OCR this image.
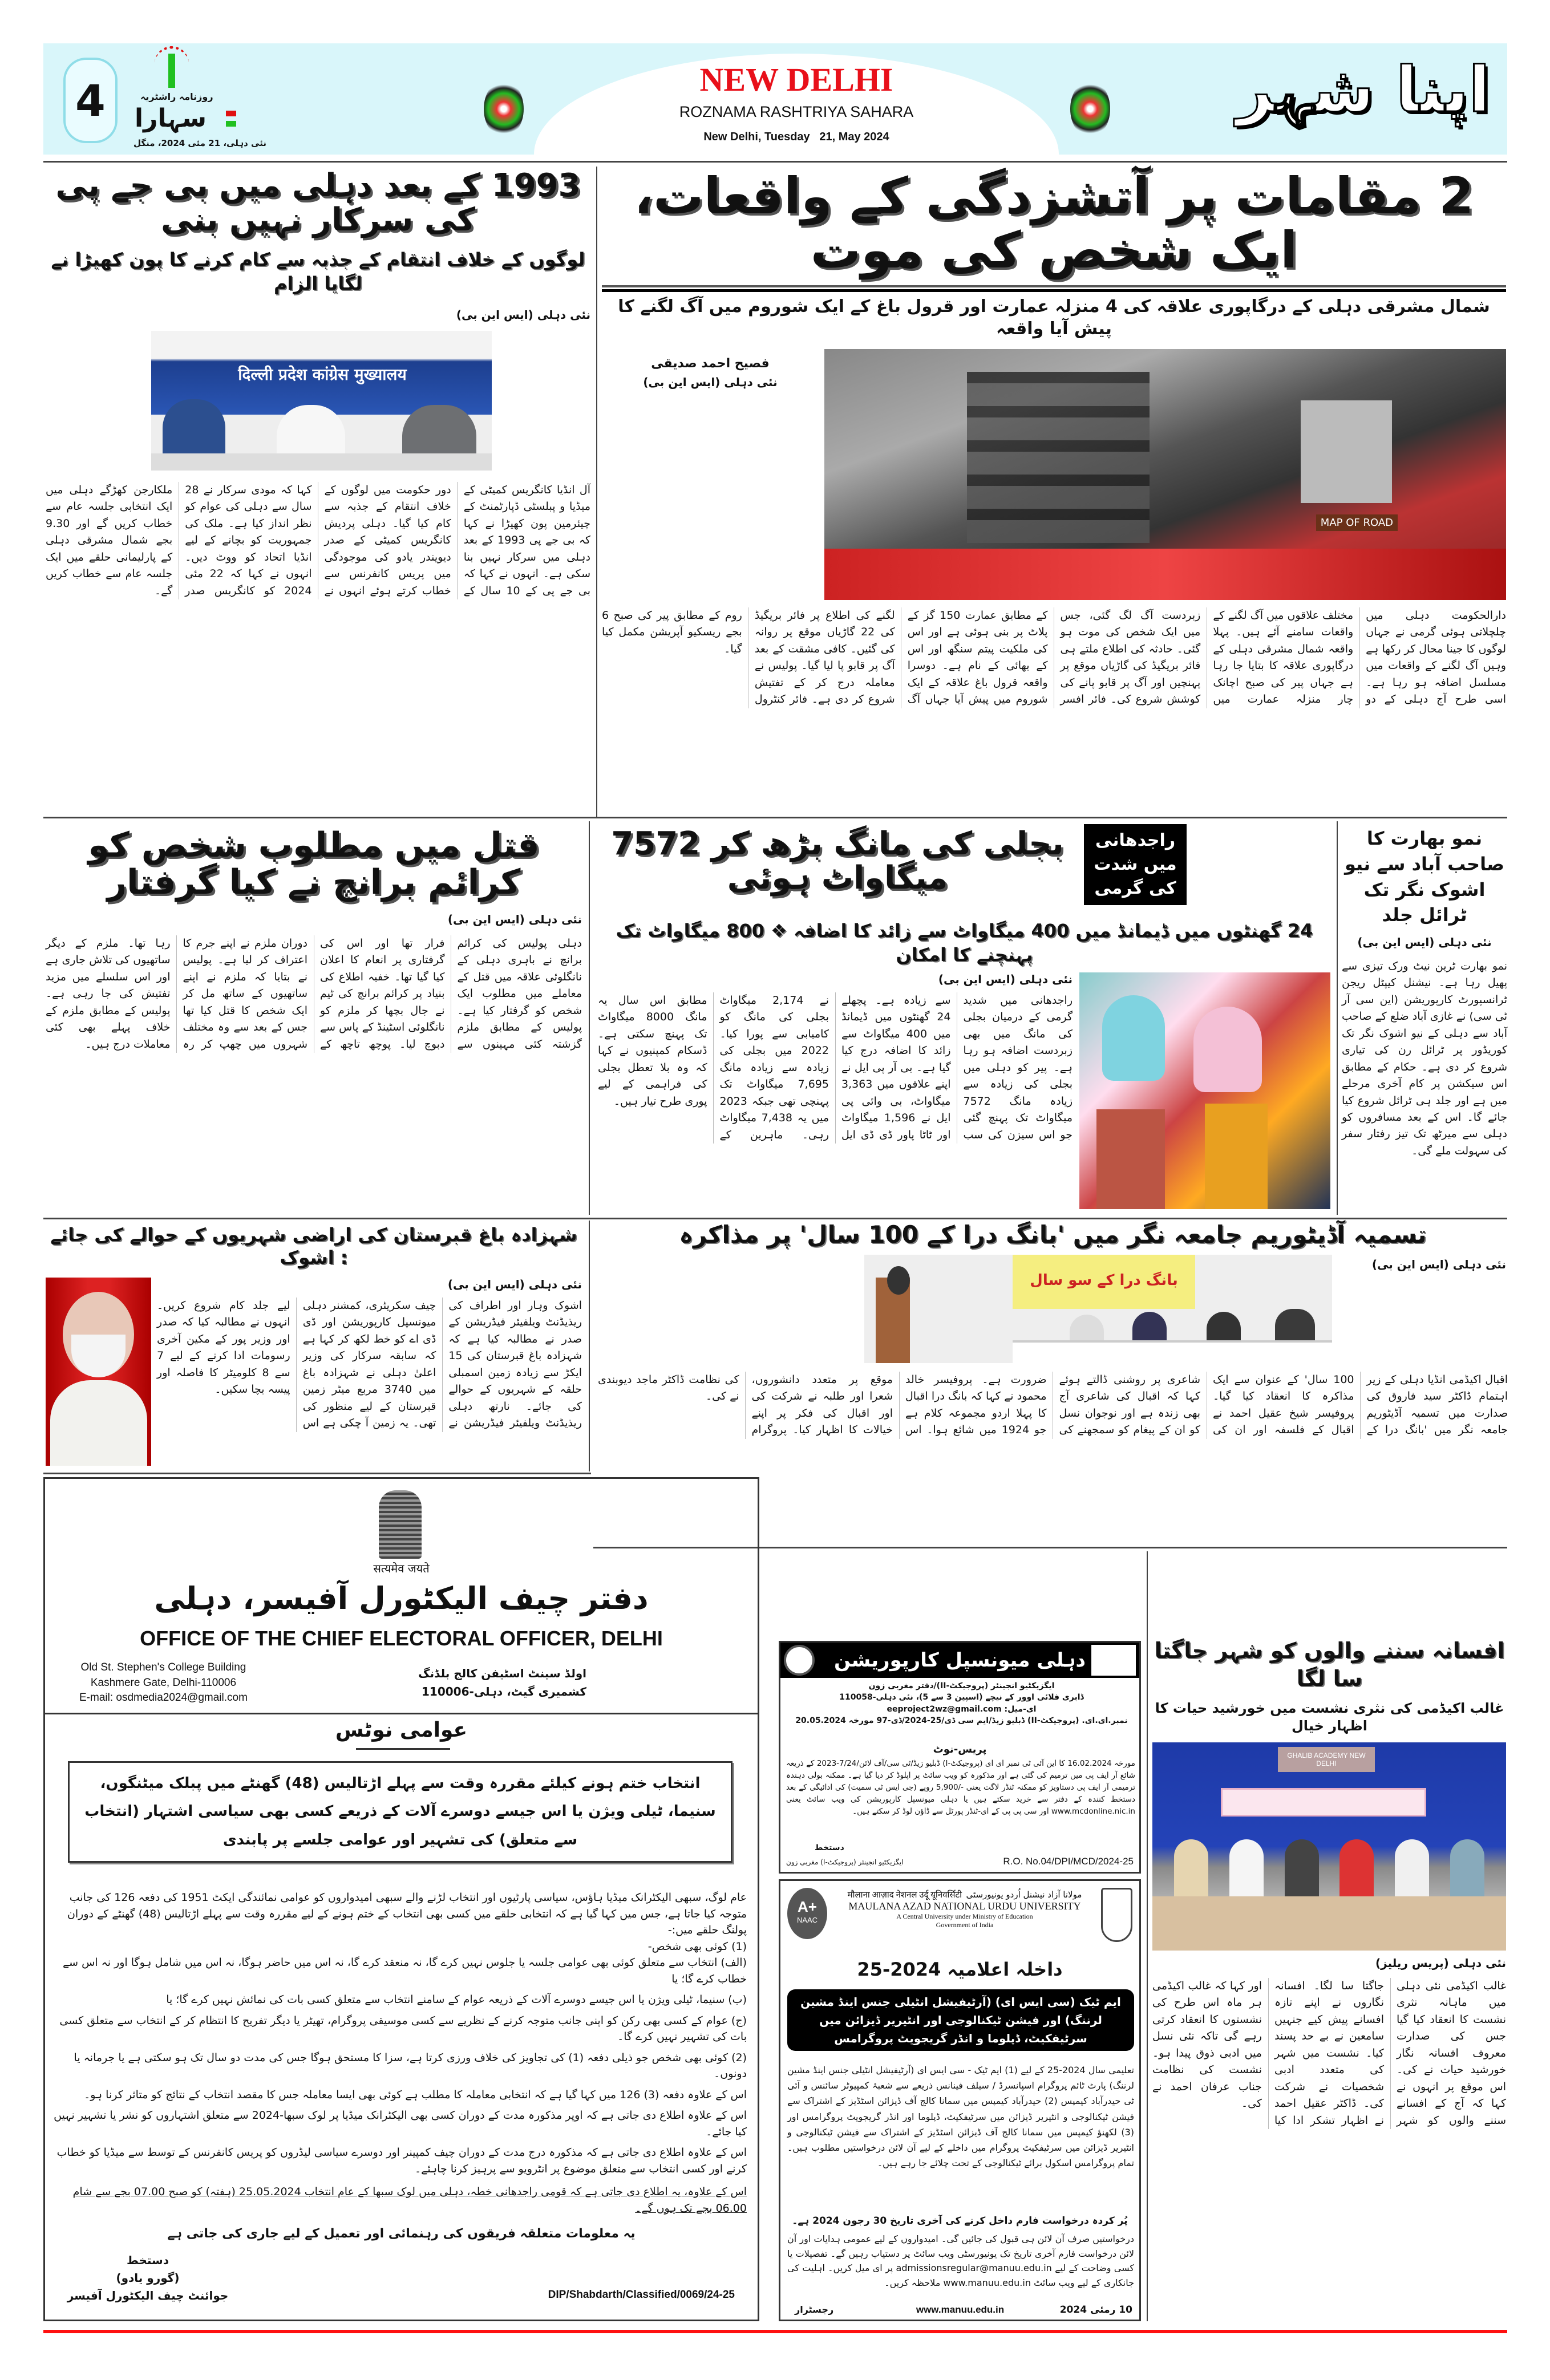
4	روزنامہ راشٹریہ
سہارا
نئی دہلی، 21 مئی 2024، منگل
NEW DELHI
ROZNAMA RASHTRIYA SAHARA
New Delhi, Tuesday   21, May 2024
اپنا شہر
2 مقامات پر آتشزدگی کے واقعات، ایک شخص کی موت
شمال مشرقی دہلی کے درگاپوری علاقہ کی 4 منزلہ عمارت اور قرول باغ کے ایک شوروم میں آگ لگنے کا پیش آیا واقعہ
فصیح احمد صدیقی
نئی دہلی (ایس این بی)
MAP OF ROAD
دارالحکومت دہلی میں چلچلاتی ہوئی گرمی نے جہاں لوگوں کا جینا محال کر رکھا ہے وہیں آگ لگنے کے واقعات میں مسلسل اضافہ ہو رہا ہے۔ اسی طرح آج دہلی کے دو مختلف علاقوں میں آگ لگنے کے واقعات سامنے آئے ہیں۔ پہلا واقعہ شمال مشرقی دہلی کے درگاپوری علاقہ کا بتایا جا رہا ہے جہاں پیر کی صبح اچانک چار منزلہ عمارت میں زبردست آگ لگ گئی، جس میں ایک شخص کی موت ہو گئی۔ حادثہ کی اطلاع ملتے ہی فائر بریگیڈ کی گاڑیاں موقع پر پہنچیں اور آگ پر قابو پانے کی کوشش شروع کی۔ فائر افسر کے مطابق عمارت 150 گز کے پلاٹ پر بنی ہوئی ہے اور اس کی ملکیت پیتم سنگھ اور اس کے بھائی کے نام ہے۔ دوسرا واقعہ قرول باغ علاقہ کے ایک شوروم میں پیش آیا جہاں آگ لگنے کی اطلاع پر فائر بریگیڈ کی 22 گاڑیاں موقع پر روانہ کی گئیں۔ کافی مشقت کے بعد آگ پر قابو پا لیا گیا۔ پولیس نے معاملہ درج کر کے تفتیش شروع کر دی ہے۔ فائر کنٹرول روم کے مطابق پیر کی صبح 6 بجے ریسکیو آپریشن مکمل کیا گیا۔
1993 کے بعد دہلی میں بی جے پی کی سرکار نہیں بنی
لوگوں کے خلاف انتقام کے جذبہ سے کام کرنے کا پون کھیڑا نے لگایا الزام
نئی دہلی (ایس این بی)
दिल्ली प्रदेश कांग्रेस मुख्यालय
آل انڈیا کانگریس کمیٹی کے میڈیا و پبلسٹی ڈپارٹمنٹ کے چیئرمین پون کھیڑا نے کہا کہ بی جے پی 1993 کے بعد دہلی میں سرکار نہیں بنا سکی ہے۔ انہوں نے کہا کہ بی جے پی کے 10 سال کے دور حکومت میں لوگوں کے خلاف انتقام کے جذبہ سے کام کیا گیا۔ دہلی پردیش کانگریس کمیٹی کے صدر دیویندر یادو کی موجودگی میں پریس کانفرنس سے خطاب کرتے ہوئے انہوں نے کہا کہ مودی سرکار نے 28 سال سے دہلی کی عوام کو نظر انداز کیا ہے۔ ملک کی جمہوریت کو بچانے کے لیے انڈیا اتحاد کو ووٹ دیں۔ انہوں نے کہا کہ 22 مئی 2024 کو کانگریس صدر ملکارجن کھڑگے دہلی میں ایک انتخابی جلسہ عام سے خطاب کریں گے اور 9.30 بجے شمال مشرقی دہلی کے پارلیمانی حلقے میں ایک جلسہ عام سے خطاب کریں گے۔
قتل میں مطلوب شخص کو کرائم برانچ نے کیا گرفتار
نئی دہلی (ایس این بی)
دہلی پولیس کی کرائم برانچ نے باہری دہلی کے نانگلوئی علاقہ میں قتل کے معاملے میں مطلوب ایک شخص کو گرفتار کیا ہے۔ پولیس کے مطابق ملزم گزشتہ کئی مہینوں سے فرار تھا اور اس کی گرفتاری پر انعام کا اعلان کیا گیا تھا۔ خفیہ اطلاع کی بنیاد پر کرائم برانچ کی ٹیم نے جال بچھا کر ملزم کو نانگلوئی اسٹینڈ کے پاس سے دبوچ لیا۔ پوچھ تاچھ کے دوران ملزم نے اپنے جرم کا اعتراف کر لیا ہے۔ پولیس نے بتایا کہ ملزم نے اپنے ساتھیوں کے ساتھ مل کر ایک شخص کا قتل کیا تھا جس کے بعد سے وہ مختلف شہروں میں چھپ کر رہ رہا تھا۔ ملزم کے دیگر ساتھیوں کی تلاش جاری ہے اور اس سلسلے میں مزید تفتیش کی جا رہی ہے۔ پولیس کے مطابق ملزم کے خلاف پہلے بھی کئی معاملات درج ہیں۔
بجلی کی مانگ بڑھ کر 7572 میگاواٹ ہوئی
راجدھانی میں شدت کی گرمی
24 گھنٹوں میں ڈیمانڈ میں 400 میگاواٹ سے زائد کا اضافہ ❖ 800 میگاواٹ تک پہنچنے کا امکان
نئی دہلی (ایس این بی)
راجدھانی میں شدید گرمی کے درمیان بجلی کی مانگ میں بھی زبردست اضافہ ہو رہا ہے۔ پیر کو دہلی میں بجلی کی زیادہ سے زیادہ مانگ 7572 میگاواٹ تک پہنچ گئی جو اس سیزن کی سب سے زیادہ ہے۔ پچھلے 24 گھنٹوں میں ڈیمانڈ میں 400 میگاواٹ سے زائد کا اضافہ درج کیا گیا ہے۔ بی آر پی ایل نے اپنے علاقوں میں 3,363 میگاواٹ، بی وائی پی ایل نے 1,596 میگاواٹ اور ٹاٹا پاور ڈی ڈی ایل نے 2,174 میگاواٹ بجلی کی مانگ کو کامیابی سے پورا کیا۔ 2022 میں بجلی کی زیادہ سے زیادہ مانگ 7,695 میگاواٹ تک پہنچی تھی جبکہ 2023 میں یہ 7,438 میگاواٹ رہی۔ ماہرین کے مطابق اس سال یہ مانگ 8000 میگاواٹ تک پہنچ سکتی ہے۔ ڈسکام کمپنیوں نے کہا کہ وہ بلا تعطل بجلی کی فراہمی کے لیے پوری طرح تیار ہیں۔
نمو بھارت کا صاحب آباد سے نیو اشوک نگر تک ٹرائل جلد
نئی دہلی (ایس این بی)
نمو بھارت ٹرین نیٹ ورک تیزی سے پھیل رہا ہے۔ نیشنل کیپٹل ریجن ٹرانسپورٹ کارپوریشن (این سی آر ٹی سی) نے غازی آباد ضلع کے صاحب آباد سے دہلی کے نیو اشوک نگر تک کوریڈور پر ٹرائل رن کی تیاری شروع کر دی ہے۔ حکام کے مطابق اس سیکشن پر کام آخری مرحلے میں ہے اور جلد ہی ٹرائل شروع کیا جائے گا۔ اس کے بعد مسافروں کو دہلی سے میرٹھ تک تیز رفتار سفر کی سہولت ملے گی۔
شہزادہ باغ قبرستان کی اراضی شہریوں کے حوالے کی جائے : اشوک
نئی دہلی (ایس این بی)
اشوک وہار اور اطراف کی ریذیڈنٹ ویلفیئر فیڈریشن کے صدر نے مطالبہ کیا ہے کہ شہزادہ باغ قبرستان کی 15 ایکڑ سے زیادہ زمین اسمبلی حلقہ کے شہریوں کے حوالے کی جائے۔ نارتھ دہلی ریذیڈنٹ ویلفیئر فیڈریشن نے چیف سکریٹری، کمشنر دہلی میونسپل کارپوریشن اور ڈی ڈی اے کو خط لکھ کر کہا ہے کہ سابقہ سرکار کی وزیر اعلیٰ دہلی نے شہزادہ باغ میں 3740 مربع میٹر زمین قبرستان کے لیے منظور کی تھی۔ یہ زمین آ چکی ہے اس لیے جلد کام شروع کریں۔ انہوں نے مطالبہ کیا کہ صدر اور وزیر پور کے مکین آخری رسومات ادا کرنے کے لیے 7 سے 8 کلومیٹر کا فاصلہ اور پیسہ بچا سکیں۔
تسمیہ آڈیٹوریم جامعہ نگر میں 'بانگ درا کے 100 سال' پر مذاکرہ
نئی دہلی (ایس این بی)
بانگ درا کے سو سال
اقبال اکیڈمی انڈیا دہلی کے زیر اہتمام ڈاکٹر سید فاروق کی صدارت میں تسمیہ آڈیٹوریم جامعہ نگر میں 'بانگ درا کے 100 سال' کے عنوان سے ایک مذاکرہ کا انعقاد کیا گیا۔ پروفیسر شیخ عقیل احمد نے اقبال کے فلسفہ اور ان کی شاعری پر روشنی ڈالتے ہوئے کہا کہ اقبال کی شاعری آج بھی زندہ ہے اور نوجوان نسل کو ان کے پیغام کو سمجھنے کی ضرورت ہے۔ پروفیسر خالد محمود نے کہا کہ بانگ درا اقبال کا پہلا اردو مجموعہ کلام ہے جو 1924 میں شائع ہوا۔ اس موقع پر متعدد دانشوروں، شعرا اور طلبہ نے شرکت کی اور اقبال کی فکر پر اپنے خیالات کا اظہار کیا۔ پروگرام کی نظامت ڈاکٹر ماجد دیوبندی نے کی۔
सत्यमेव जयते
دفتر چیف الیکٹورل آفیسر، دہلی
OFFICE OF THE CHIEF ELECTORAL OFFICER, DELHI
Old St. Stephen's College Building
Kashmere Gate, Delhi-110006
E-mail: osdmedia2024@gmail.com
اولڈ سینٹ اسٹیفن کالج بلڈنگ
کشمیری گیٹ، دہلی-110006
عوامی نوٹس
انتخاب ختم ہونے کیلئے مقررہ وقت سے پہلے اڑتالیس (48) گھنٹے میں پبلک میٹنگوں، سنیما، ٹیلی ویژن یا اس جیسے دوسرے آلات کے ذریعے کسی بھی سیاسی اشتہار (انتخاب سے متعلق) کی تشہیر اور عوامی جلسے پر پابندی

عام لوگ، سبھی الیکٹرانک میڈیا ہاؤس، سیاسی پارٹیوں اور انتخاب لڑنے والے سبھی امیدواروں کو عوامی نمائندگی ایکٹ 1951 کی دفعہ 126 کی جانب متوجہ کیا جاتا ہے، جس میں کہا گیا ہے کہ انتخابی حلقے میں کسی بھی انتخاب کے ختم ہونے کے لیے مقررہ وقت سے پہلے اڑتالیس (48) گھنٹے کے دوران پولنگ حلقے میں:-

(1) کوئی بھی شخص-

(الف) انتخاب سے متعلق کوئی بھی عوامی جلسہ یا جلوس نہیں کرے گا، نہ منعقد کرے گا، نہ اس میں حاضر ہوگا، نہ اس میں شامل ہوگا اور نہ اس سے خطاب کرے گا؛ یا

(ب) سنیما، ٹیلی ویژن یا اس جیسے دوسرے آلات کے ذریعہ عوام کے سامنے انتخاب سے متعلق کسی بات کی نمائش نہیں کرے گا؛ یا

(ج) عوام کے کسی بھی رکن کو اپنی جانب متوجہ کرنے کے نظریے سے کسی موسیقی پروگرام، تھیٹر یا دیگر تفریح کا انتظام کر کے انتخاب سے متعلق کسی بات کی تشہیر نہیں کرے گا۔

(2) کوئی بھی شخص جو ذیلی دفعہ (1) کی تجاویز کی خلاف ورزی کرتا ہے، سزا کا مستحق ہوگا جس کی مدت دو سال تک ہو سکتی ہے یا جرمانہ یا دونوں۔

اس کے علاوہ دفعہ (3) 126 میں کہا گیا ہے کہ انتخابی معاملہ کا مطلب ہے کوئی بھی ایسا معاملہ جس کا مقصد انتخاب کے نتائج کو متاثر کرنا ہو۔

اس کے علاوہ اطلاع دی جاتی ہے کہ اوپر مذکورہ مدت کے دوران کسی بھی الیکٹرانک میڈیا پر لوک سبھا-2024 سے متعلق اشتہاروں کو نشر یا تشہیر نہیں کیا جائے۔

اس کے علاوہ اطلاع دی جاتی ہے کہ مذکورہ درج مدت کے دوران چیف کمپینر اور دوسرے سیاسی لیڈروں کو پریس کانفرنس کے توسط سے میڈیا کو خطاب کرنے اور کسی انتخاب سے متعلق موضوع پر انٹرویو سے پرہیز کرنا چاہئے۔

اس کے علاوہ، یہ اطلاع دی جاتی ہے کہ قومی راجدھانی خطہ، دہلی میں لوک سبھا کے عام انتخاب 25.05.2024 (ہفتہ) کو صبح 07.00 بجے سے شام 06.00 بجے تک ہوں گے۔

یہ معلومات متعلقہ فریقوں کی رہنمائی اور تعمیل کے لیے جاری کی جاتی ہے
دستخط
(گورو یادو)
جوائنٹ چیف الیکٹورل آفیسر	DIP/Shabdarth/Classified/0069/24-25
دہلی میونسپل کارپوریشن
ایگزیکٹیو انجینئر (پروجیکٹ-II)/دفتر مغربی زون
ڈابری فلائی اوور کے نیچے (اسپین 3 سے 5)، نئی دہلی-110058
ای-میل: eeproject2wz@gmail.com
نمبر.ای.ای. (پروجیکٹ-II) ڈبلیو زیڈ/ایم سی ڈی/25-2024/ڈی-97 مورخہ 20.05.2024
پریس-نوٹ
مورخہ 16.02.2024 کا این آئی ٹی نمبر ای ای (پروجیکٹ-I) ڈبلیو زیڈ/ٹی سی/آف لائن/7/24-2023 کے ذریعہ شائع آر ایف پی میں ترمیم کی گئی ہے اور مذکورہ کو ویب سائٹ پر اپلوڈ کر دیا گیا ہے۔ ممکنہ بولی دہندہ ترمیمی آر ایف پی دستاویز کو ممکنہ ٹنڈر لاگت یعنی -/5,900 روپے (جی ایس ٹی سمیت) کی ادائیگی کے بعد دستخط کنندہ کے دفتر سے خرید سکتے ہیں یا دہلی میونسپل کارپوریشن کی ویب سائٹ یعنی www.mcdonline.nic.in اور سی پی پی کے ای-ٹنڈر پورٹل سے ڈاؤن لوڈ کر سکتے ہیں۔
دستخط
ایگزیکٹیو انجینئر (پروجیکٹ-I) مغربی زون	R.O. No.04/DPI/MCD/2024-25
A+
NAAC
मौलाना आज़ाद नेशनल उर्दू यूनिवर्सिटी مولانا آزاد نیشنل اُردو یونیورسٹی
MAULANA AZAD NATIONAL URDU UNIVERSITY
A Central University under Ministry of Education
Government of India
داخلہ اعلامیہ 2024-25
ایم ٹیک (سی ایس ای) (آرٹیفیشل انٹیلی جنس اینڈ مشین لرننگ) اور فیشن ٹیکنالوجی اور انٹیریر ڈیزائن میں سرٹیفکیٹ، ڈپلوما و انڈر گریجویٹ پروگرامس
تعلیمی سال 2024-25 کے لیے (1) ایم ٹیک - سی ایس ای (آرٹیفیشل انٹیلی جنس اینڈ مشین لرننگ) پارٹ ٹائم پروگرام اسپانسرڈ / سیلف فینانس ذریعے سے شعبۂ کمپیوٹر سائنس و آئی ٹی حیدرآباد کیمپس (2) حیدرآباد کیمپس میں سمانا کالج آف ڈیزائن اسٹڈیز کے اشتراک سے فیشن ٹیکنالوجی و انٹیریر ڈیزائن میں سرٹیفکیٹ، ڈپلوما اور انڈر گریجویٹ پروگرامس اور (3) لکھنؤ کیمپس میں سمانا کالج آف ڈیزائن اسٹڈیز کے اشتراک سے فیشن ٹیکنالوجی و انٹیریر ڈیزائن میں سرٹیفکیٹ پروگرام میں داخلے کے لیے آن لائن درخواستیں مطلوب ہیں۔ تمام پروگرامس اسکول برائے ٹیکنالوجی کے تحت چلائے جا رہے ہیں۔
پُر کردہ درخواست فارم داخل کرنے کی آخری تاریخ 30 رجون 2024 ہے۔
درخواستیں صرف آن لائن ہی قبول کی جائیں گی۔ امیدواروں کے لیے عمومی ہدایات اور آن لائن درخواست فارم آخری تاریخ تک یونیورسٹی ویب سائٹ پر دستیاب رہیں گے۔ تفصیلات یا کسی وضاحت کے لیے admissionsregular@manuu.edu.in پر ای میل کریں۔ اہلیت کی جانکاری کے لیے ویب سائٹ www.manuu.edu.in ملاحظہ کریں۔
10 رمئی 2024
www.manuu.edu.in
رجسٹرار
افسانہ سننے والوں کو شہر جاگتا سا لگا
غالب اکیڈمی کی نثری نشست میں خورشید حیات کا اظہار خیال
GHALIB ACADEMY NEW DELHI
نئی دہلی (پریس ریلیز)
غالب اکیڈمی نئی دہلی میں ماہانہ نثری نشست کا انعقاد کیا گیا جس کی صدارت معروف افسانہ نگار خورشید حیات نے کی۔ اس موقع پر انہوں نے کہا کہ آج کے افسانے سننے والوں کو شہر جاگتا سا لگا۔ افسانہ نگاروں نے اپنے تازہ افسانے پیش کیے جنہیں سامعین نے بے حد پسند کیا۔ نشست میں شہر کی متعدد ادبی شخصیات نے شرکت کی۔ ڈاکٹر عقیل احمد نے اظہار تشکر ادا کیا اور کہا کہ غالب اکیڈمی ہر ماہ اس طرح کی نشستوں کا انعقاد کرتی رہے گی تاکہ نئی نسل میں ادبی ذوق پیدا ہو۔ نشست کی نظامت جناب عرفان احمد نے کی۔
